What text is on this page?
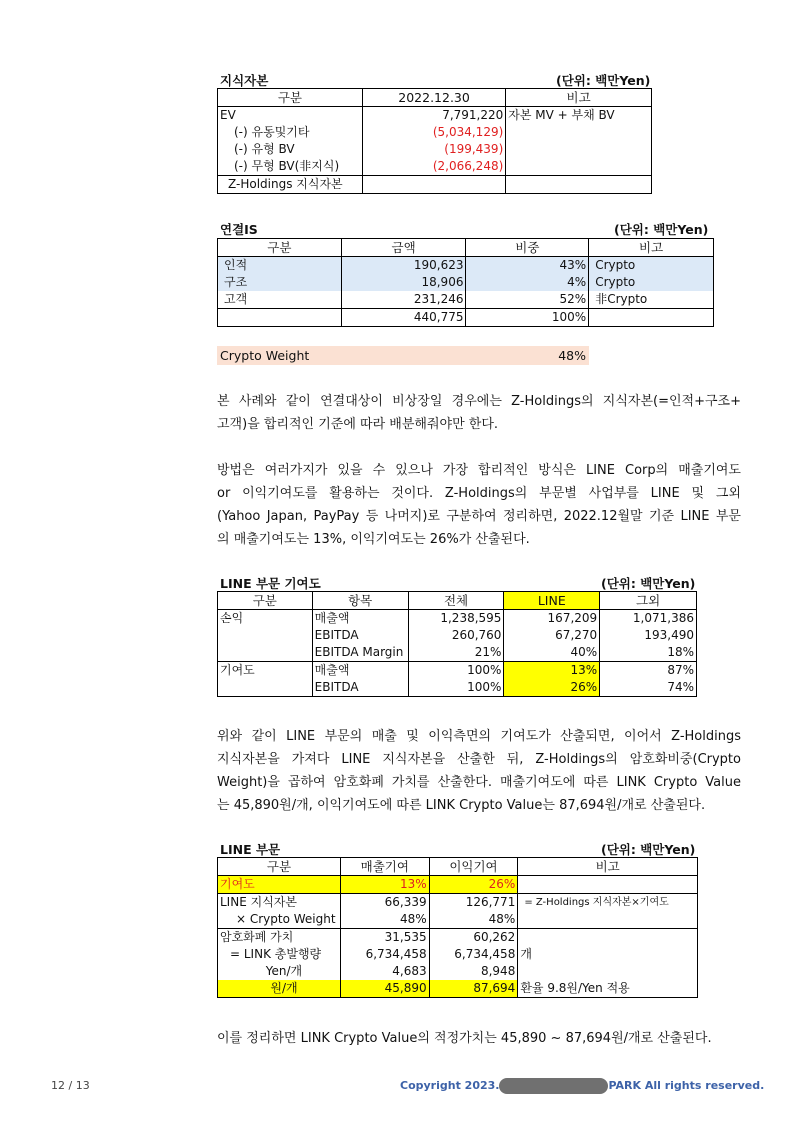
지식자본	(단위: 백만Yen)
구분	2022.12.30	비고
EV	7,791,220	자본 MV + 부채 BV
(-) 유동및기타	(5,034,129)	
(-) 유형 BV	(199,439)	
(-) 무형 BV(非지식)	(2,066,248)	
Z-Holdings 지식자본		
연결IS	(단위: 백만Yen)
구분	금액	비중	비고
인적	190,623	43%	Crypto
구조	18,906	4%	Crypto
고객	231,246	52%	非Crypto
	440,775	100%	
Crypto Weight	48%
본 사례와 같이 연결대상이 비상장일 경우에는 Z-Holdings의 지식자본(=인적+구조+
고객)을 합리적인 기준에 따라 배분해줘야만 한다.
방법은 여러가지가 있을 수 있으나 가장 합리적인 방식은 LINE Corp의 매출기여도
or 이익기여도를 활용하는 것이다. Z-Holdings의 부문별 사업부를 LINE 및 그외
(Yahoo Japan, PayPay 등 나머지)로 구분하여 정리하면, 2022.12월말 기준 LINE 부문
의 매출기여도는 13%, 이익기여도는 26%가 산출된다.
LINE 부문 기여도	(단위: 백만Yen)
구분	항목	전체	LINE	그외
손익	매출액	1,238,595	167,209	1,071,386
	EBITDA	260,760	67,270	193,490
	EBITDA Margin	21%	40%	18%
기여도	매출액	100%	13%	87%
	EBITDA	100%	26%	74%
위와 같이 LINE 부문의 매출 및 이익측면의 기여도가 산출되면, 이어서 Z-Holdings
지식자본을 가져다 LINE 지식자본을 산출한 뒤, Z-Holdings의 암호화비중(Crypto
Weight)을 곱하여 암호화폐 가치를 산출한다. 매출기여도에 따른 LINK Crypto Value
는 45,890원/개, 이익기여도에 따른 LINK Crypto Value는 87,694원/개로 산출된다.
LINE 부문	(단위: 백만Yen)
구분	매출기여	이익기여	비고
기여도	13%	26%	
LINE 지식자본	66,339	126,771	= Z-Holdings 지식자본×기여도
× Crypto Weight	48%	48%	
암호화폐 가치	31,535	60,262	
= LINK 총발행량	6,734,458	6,734,458	개
Yen/개	4,683	8,948	
원/개	45,890	87,694	환율 9.8원/Yen 적용
이를 정리하면 LINK Crypto Value의 적정가치는 45,890 ~ 87,694원/개로 산출된다.
12 / 13	Copyright 2023.	PARK All rights reserved.
